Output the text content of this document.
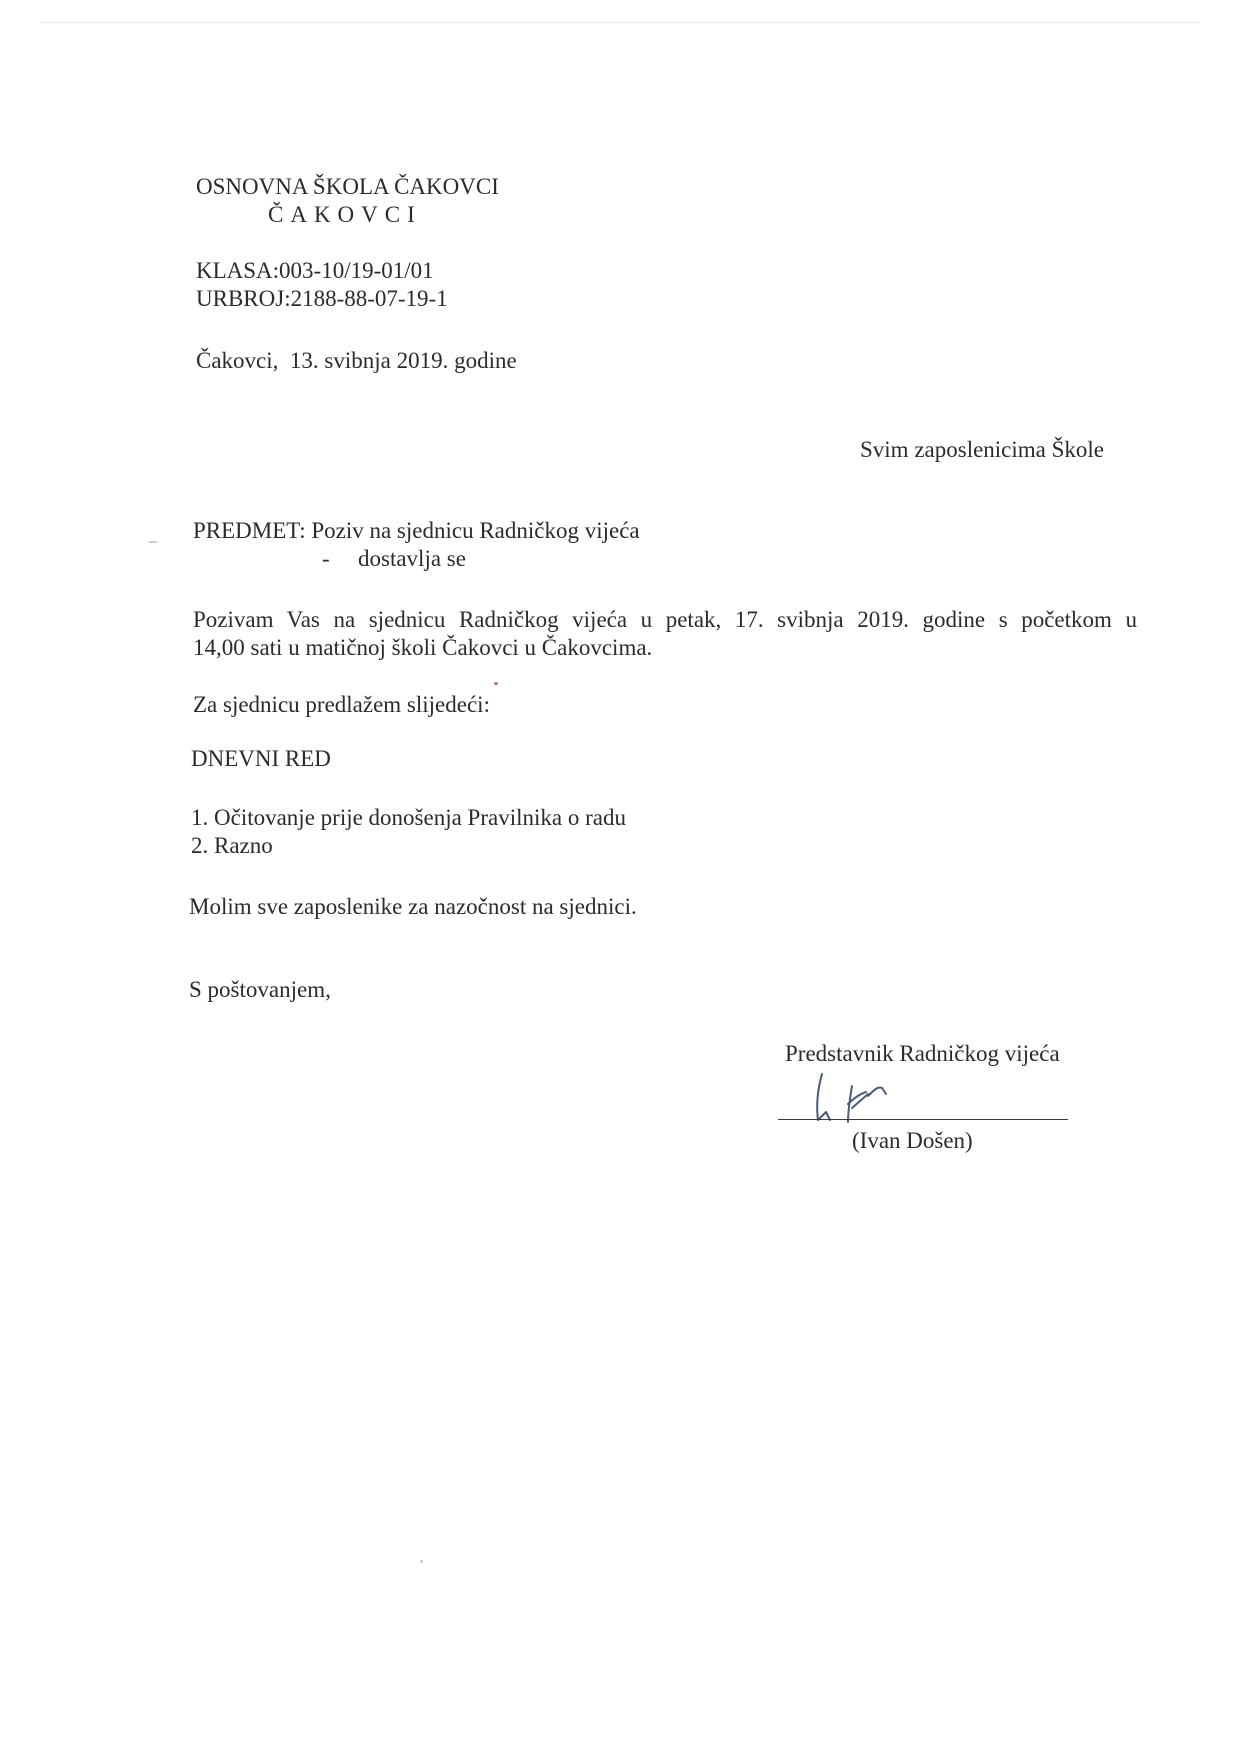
OSNOVNA ŠKOLA ČAKOVCI
ČAKOVCI
KLASA:003-10/19-01/01
URBROJ:2188-88-07-19-1
Čakovci,  13. svibnja 2019. godine
Svim zaposlenicima Škole
PREDMET: Poziv na sjednicu Radničkog vijeća
- dostavlja se
Pozivam Vas na sjednicu Radničkog vijeća u petak, 17. svibnja 2019. godine s početkom u
14,00 sati u matičnoj školi Čakovci u Čakovcima.
Za sjednicu predlažem slijedeći:
DNEVNI RED
1. Očitovanje prije donošenja Pravilnika o radu
2. Razno
Molim sve zaposlenike za nazočnost na sjednici.
S poštovanjem,
Predstavnik Radničkog vijeća
(Ivan Došen)
